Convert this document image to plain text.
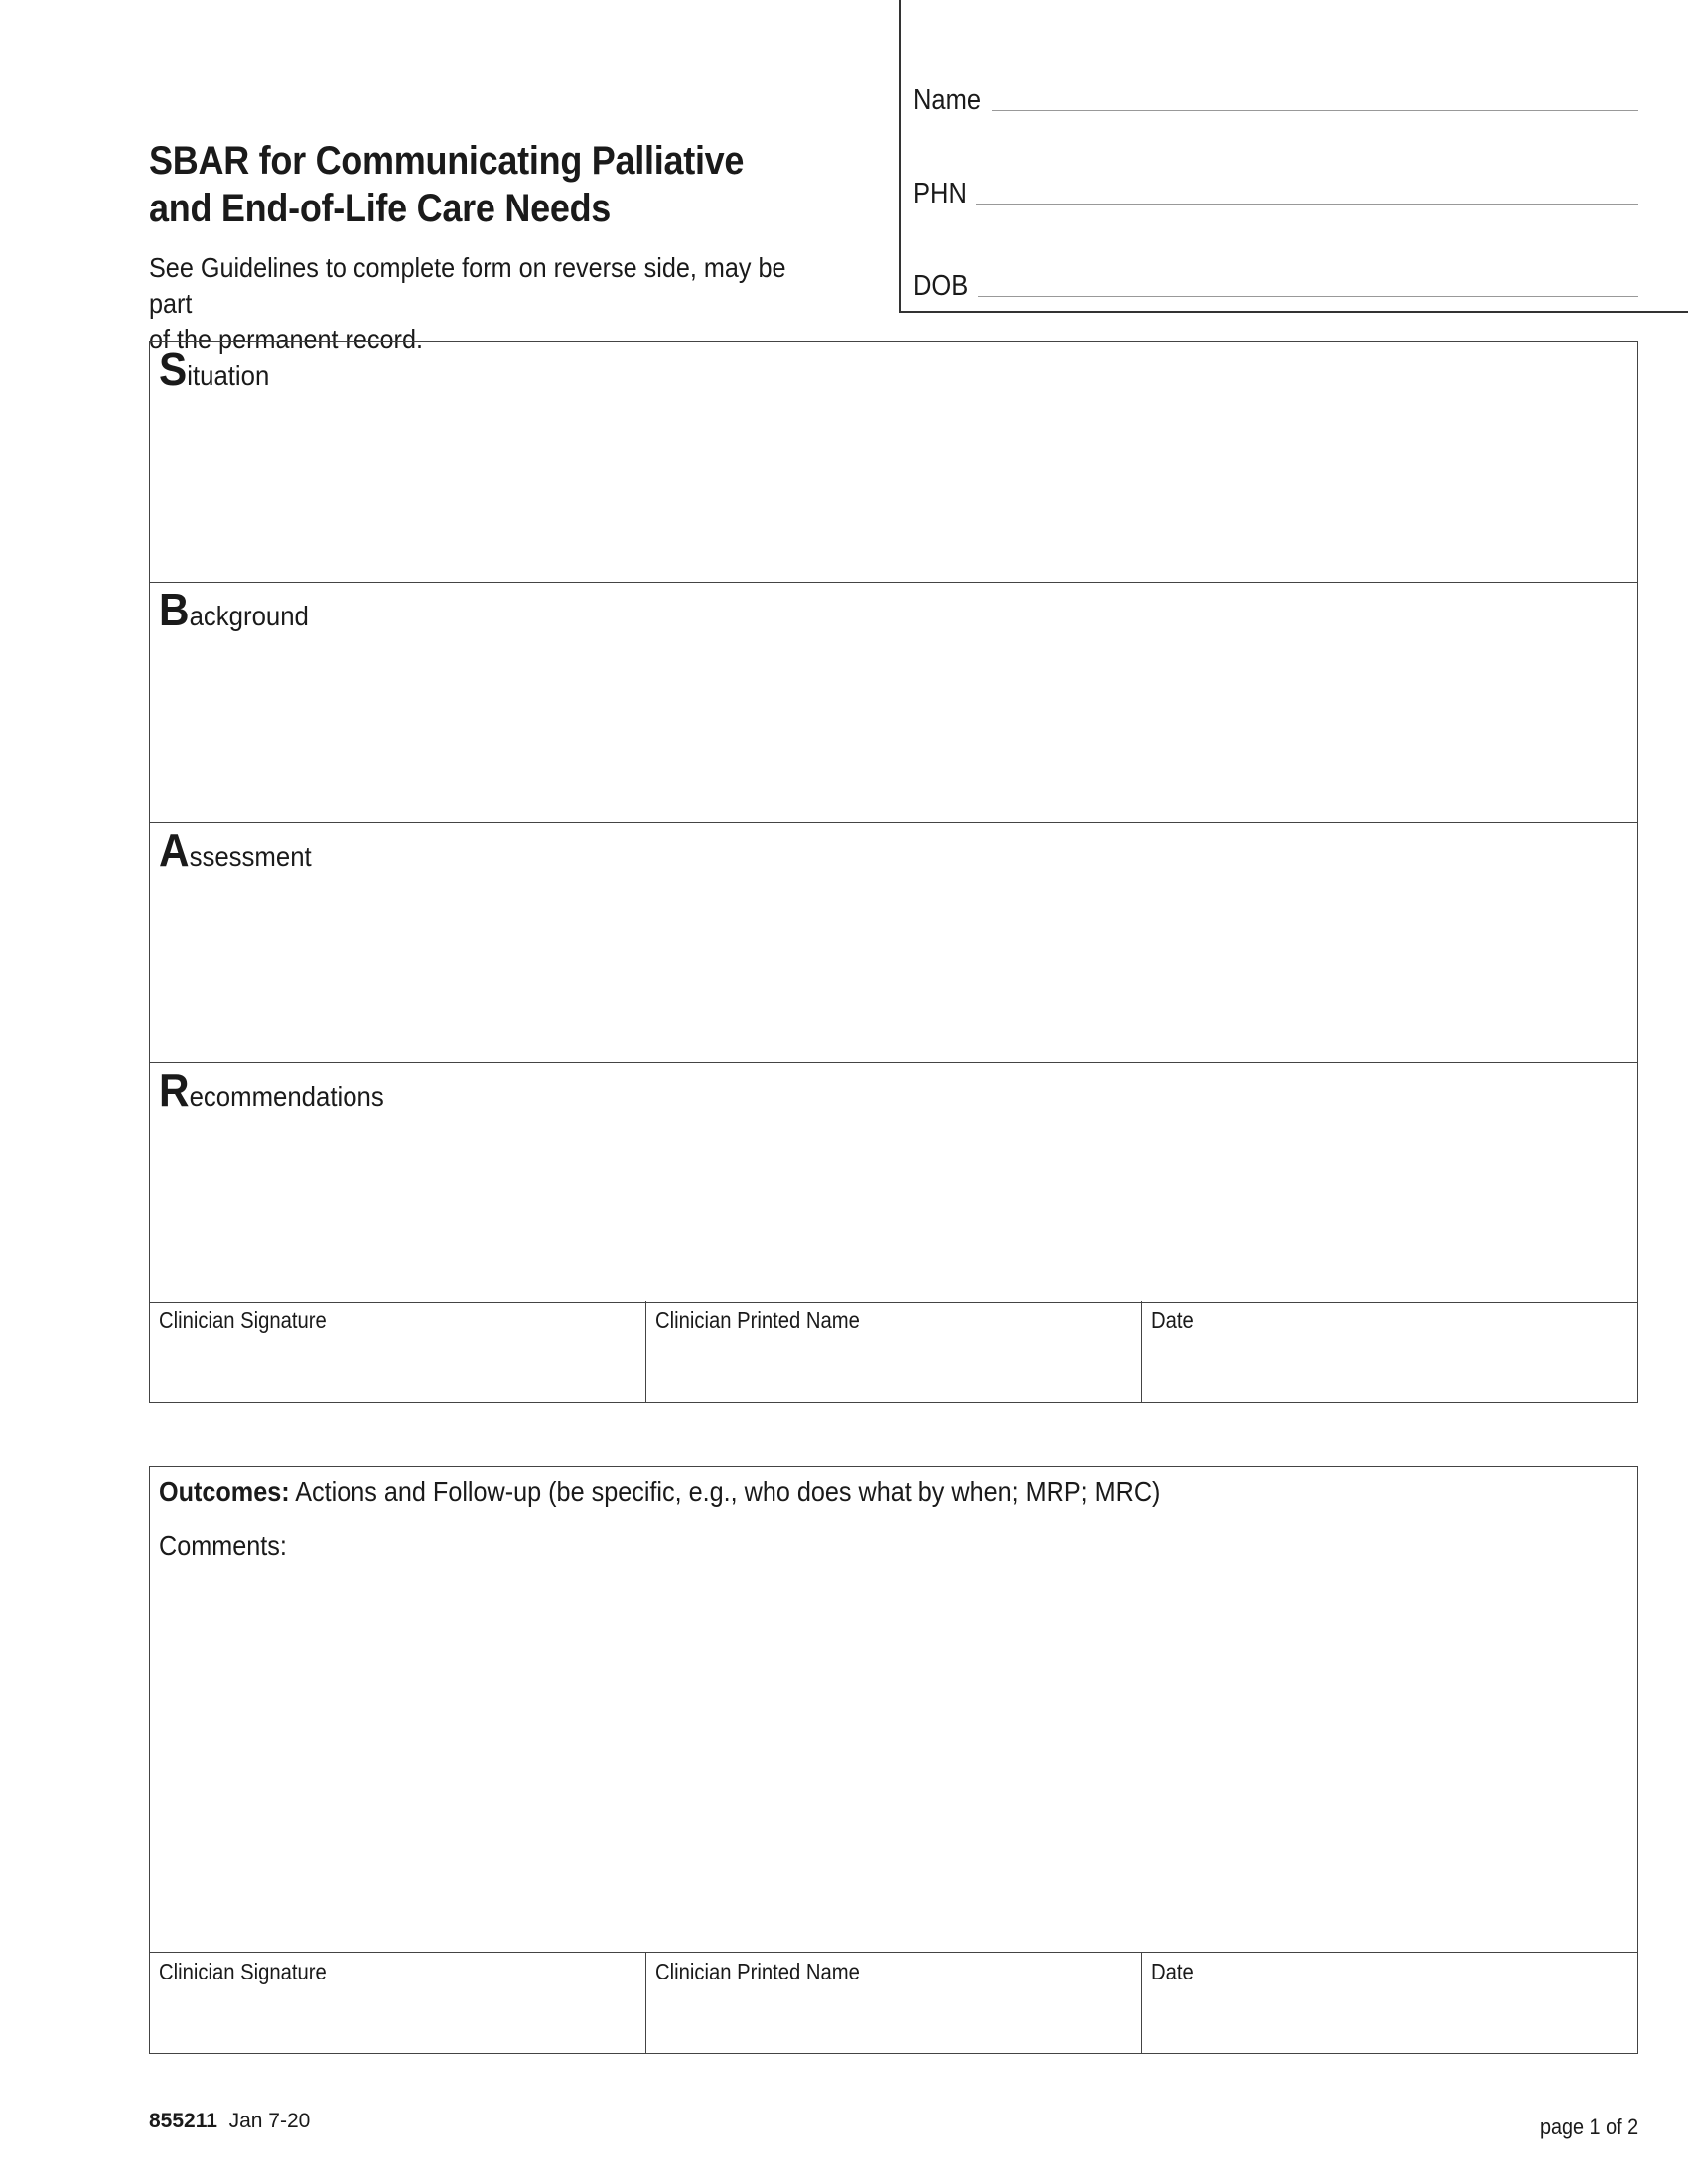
SBAR for Communicating Palliative
and End-of-Life Care Needs

See Guidelines to complete form on reverse side, may be part
of the permanent record.

Name
PHN
DOB
S ituation
B ackground
A ssessment
R ecommendations
Clinician Signature	Clinician Printed Name	Date
Outcomes: Actions and Follow-up (be specific, e.g., who does what by when; MRP; MRC)
Comments:
Clinician Signature	Clinician Printed Name	Date
855211 Jan 7-20	page 1 of 2
